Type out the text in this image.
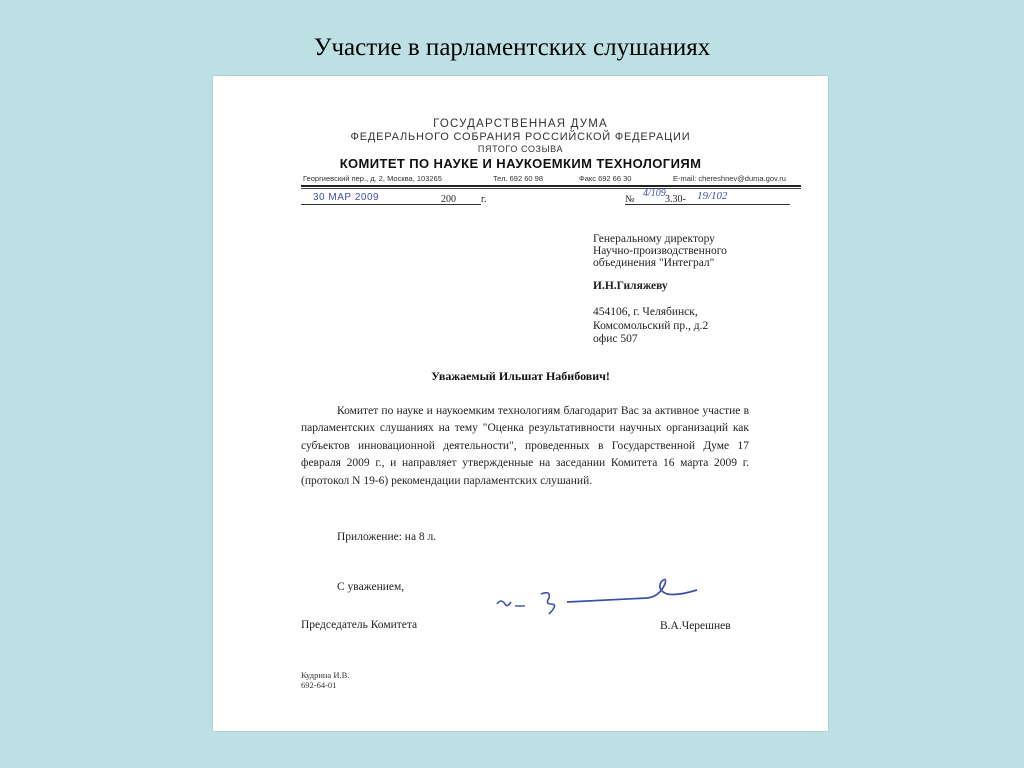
Участие в парламентских слушаниях
ГОСУДАРСТВЕННАЯ ДУМА
ФЕДЕРАЛЬНОГО СОБРАНИЯ РОССИЙСКОЙ ФЕДЕРАЦИИ
ПЯТОГО СОЗЫВА
КОМИТЕТ ПО НАУКЕ И НАУКОЕМКИМ ТЕХНОЛОГИЯМ
Георгиевский пер., д. 2, Москва, 103265	Тел. 692 60 98	Факс 692 66 30	E-mail: chereshnev@duma.gov.ru
30 МАР 2009	200	г.	№
4/109
3.30- 19/102
Генеральному директору
Научно-производственного
объединения "Интеграл"
И.Н.Гиляжеву
454106, г. Челябинск,
Комсомольский пр., д.2
офис 507
Уважаемый Ильшат Набибович!
Комитет по науке и наукоемким технологиям благодарит Вас за активное участие в парламентских слушаниях на тему "Оценка результативности научных организаций как субъектов инновационной деятельности", проведенных в Государственной Думе 17 февраля 2009 г., и направляет утвержденные на заседании Комитета 16 марта 2009 г. (протокол N 19-6) рекомендации парламентских слушаний.
Приложение: на 8 л.
С уважением,
Председатель Комитета	В.А.Черешнев
Кудрина И.В.
692-64-01
